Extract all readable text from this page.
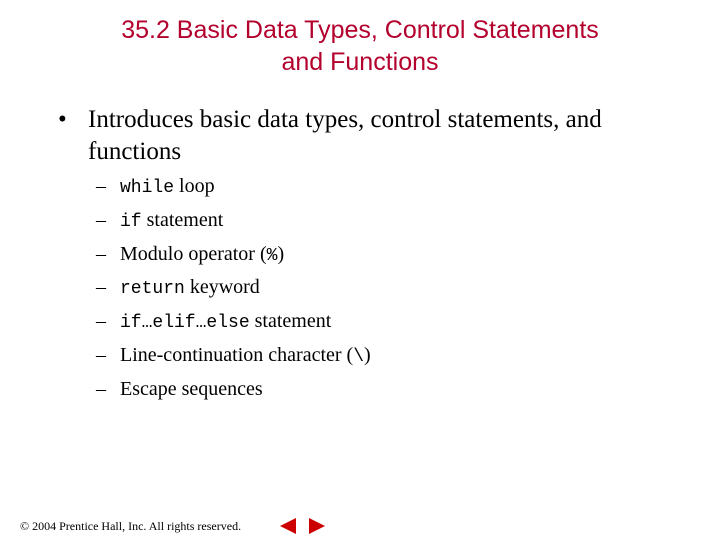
35.2 Basic Data Types, Control Statements
and Functions
• Introduces basic data types, control statements, and functions
– while loop
– if statement
– Modulo operator (%)
– return keyword
– if…elif…else statement
– Line-continuation character (\)
– Escape sequences
© 2004 Prentice Hall, Inc. All rights reserved.
